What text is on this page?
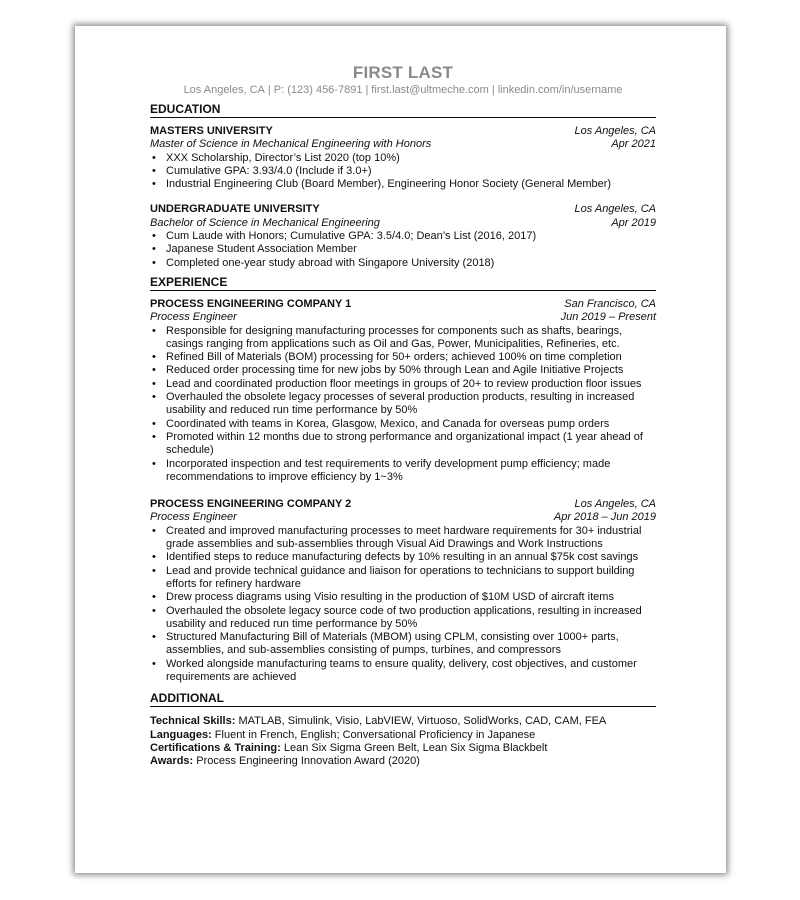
FIRST LAST
Los Angeles, CA | P: (123) 456-7891 | first.last@ultmeche.com | linkedin.com/in/username
EDUCATION
MASTERS UNIVERSITY	Los Angeles, CA
Master of Science in Mechanical Engineering with Honors	Apr 2021
• XXX Scholarship, Director’s List 2020 (top 10%)
• Cumulative GPA: 3.93/4.0 (Include if 3.0+)
• Industrial Engineering Club (Board Member), Engineering Honor Society (General Member)
UNDERGRADUATE UNIVERSITY	Los Angeles, CA
Bachelor of Science in Mechanical Engineering	Apr 2019
• Cum Laude with Honors; Cumulative GPA: 3.5/4.0; Dean’s List (2016, 2017)
• Japanese Student Association Member
• Completed one-year study abroad with Singapore University (2018)
EXPERIENCE
PROCESS ENGINEERING COMPANY 1	San Francisco, CA
Process Engineer	Jun 2019 – Present
• Responsible for designing manufacturing processes for components such as shafts, bearings, casings ranging from applications such as Oil and Gas, Power, Municipalities, Refineries, etc.
• Refined Bill of Materials (BOM) processing for 50+ orders; achieved 100% on time completion
• Reduced order processing time for new jobs by 50% through Lean and Agile Initiative Projects
• Lead and coordinated production floor meetings in groups of 20+ to review production floor issues
• Overhauled the obsolete legacy processes of several production products, resulting in increased usability and reduced run time performance by 50%
• Coordinated with teams in Korea, Glasgow, Mexico, and Canada for overseas pump orders
• Promoted within 12 months due to strong performance and organizational impact (1 year ahead of schedule)
• Incorporated inspection and test requirements to verify development pump efficiency; made recommendations to improve efficiency by 1~3%
PROCESS ENGINEERING COMPANY 2	Los Angeles, CA
Process Engineer	Apr 2018 – Jun 2019
• Created and improved manufacturing processes to meet hardware requirements for 30+ industrial grade assemblies and sub-assemblies through Visual Aid Drawings and Work Instructions
• Identified steps to reduce manufacturing defects by 10% resulting in an annual $75k cost savings
• Lead and provide technical guidance and liaison for operations to technicians to support building efforts for refinery hardware
• Drew process diagrams using Visio resulting in the production of $10M USD of aircraft items
• Overhauled the obsolete legacy source code of two production applications, resulting in increased usability and reduced run time performance by 50%
• Structured Manufacturing Bill of Materials (MBOM) using CPLM, consisting over 1000+ parts, assemblies, and sub-assemblies consisting of pumps, turbines, and compressors
• Worked alongside manufacturing teams to ensure quality, delivery, cost objectives, and customer requirements are achieved
ADDITIONAL
Technical Skills: MATLAB, Simulink, Visio, LabVIEW, Virtuoso, SolidWorks, CAD, CAM, FEA
Languages: Fluent in French, English; Conversational Proficiency in Japanese
Certifications & Training: Lean Six Sigma Green Belt, Lean Six Sigma Blackbelt
Awards: Process Engineering Innovation Award (2020)
